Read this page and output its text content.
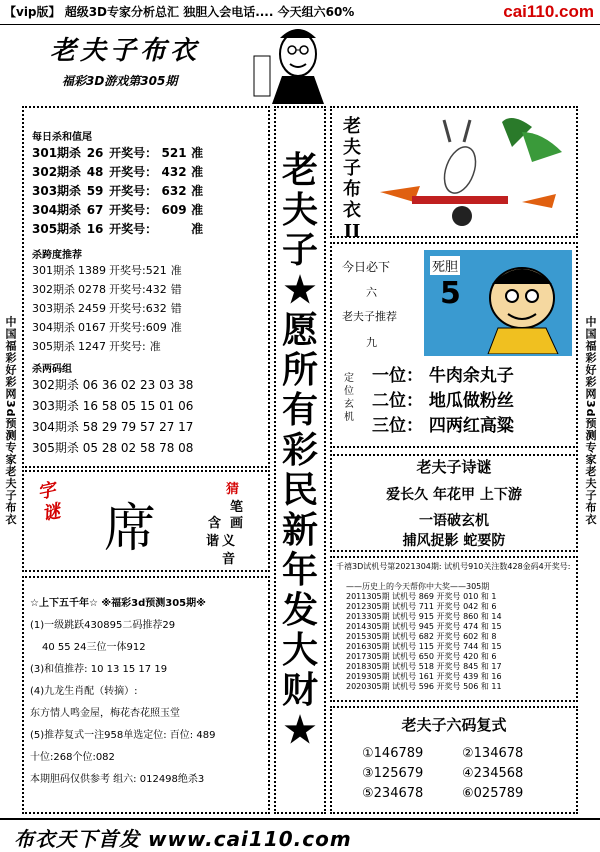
【vip版】 超级3D专家分析总汇 独胆入会电话.... 今天组六60%	cai110.com
中国福彩好彩网3d预测专家老夫子布衣	中国福彩好彩网3d预测专家老夫子布衣
老夫子布衣
福彩3D游戏第305期
每日杀和值尾
301期杀 26 开奖号： 521 准
302期杀 48 开奖号： 432 准
303期杀 59 开奖号： 632 准
304期杀 67 开奖号： 609 准
305期杀 16 开奖号：	准
杀跨度推荐
301期杀 1389 开奖号:521 准
302期杀 0278 开奖号:432 错
303期杀 2459 开奖号:632 错
304期杀 0167 开奖号:609 准
305期杀 1247 开奖号: 准
杀两码组
302期杀 06 36 02 23 03 38
303期杀 16 58 05 15 01 06
304期杀 58 29 79 57 27 17
305期杀 05 28 02 58 78 08
字谜 席
猜
笔
画
含
义
谐
音
☆上下五千年☆ ※福彩3d预测305期※
(1)一级跳跃430895二码推荐29
40 55 24三位一体912
(3)和值推荐: 10 13 15 17 19
(4)九龙生肖配（转摘）:
东方情人鸣金屋，梅花杏花照玉堂
(5)推荐复式一注958单选定位: 百位: 489
十位:268个位:082
本期胆码仅供参考 组六: 012498绝杀3
老
夫
子
★
愿
所
有
彩
民
新
年
发
大
财
★
老
夫
子
布
衣
II
今日必下
六
老夫子推荐
九
死胆
5
定
位
玄
机
一位： 牛肉余丸子
二位： 地瓜做粉丝
三位： 四两红高粱
老夫子诗谜
爱长久 年花甲 上下游
一语破玄机
捕风捉影 蛇要防
千禧3D试机号第2021304期: 试机号910关注数428金码4开奖号:
——历史上的今天帮你中大奖——305期
2011305期 试机号 869 开奖号 010 和 1
2012305期 试机号 711 开奖号 042 和 6
2013305期 试机号 915 开奖号 860 和 14
2014305期 试机号 945 开奖号 474 和 15
2015305期 试机号 682 开奖号 602 和 8
2016305期 试机号 115 开奖号 744 和 15
2017305期 试机号 650 开奖号 420 和 6
2018305期 试机号 518 开奖号 845 和 17
2019305期 试机号 161 开奖号 439 和 16
2020305期 试机号 596 开奖号 506 和 11
老夫子六码复式
①146789	②134678
③125679	④234568
⑤234678	⑥025789
布衣天下首发 www.cai110.com
